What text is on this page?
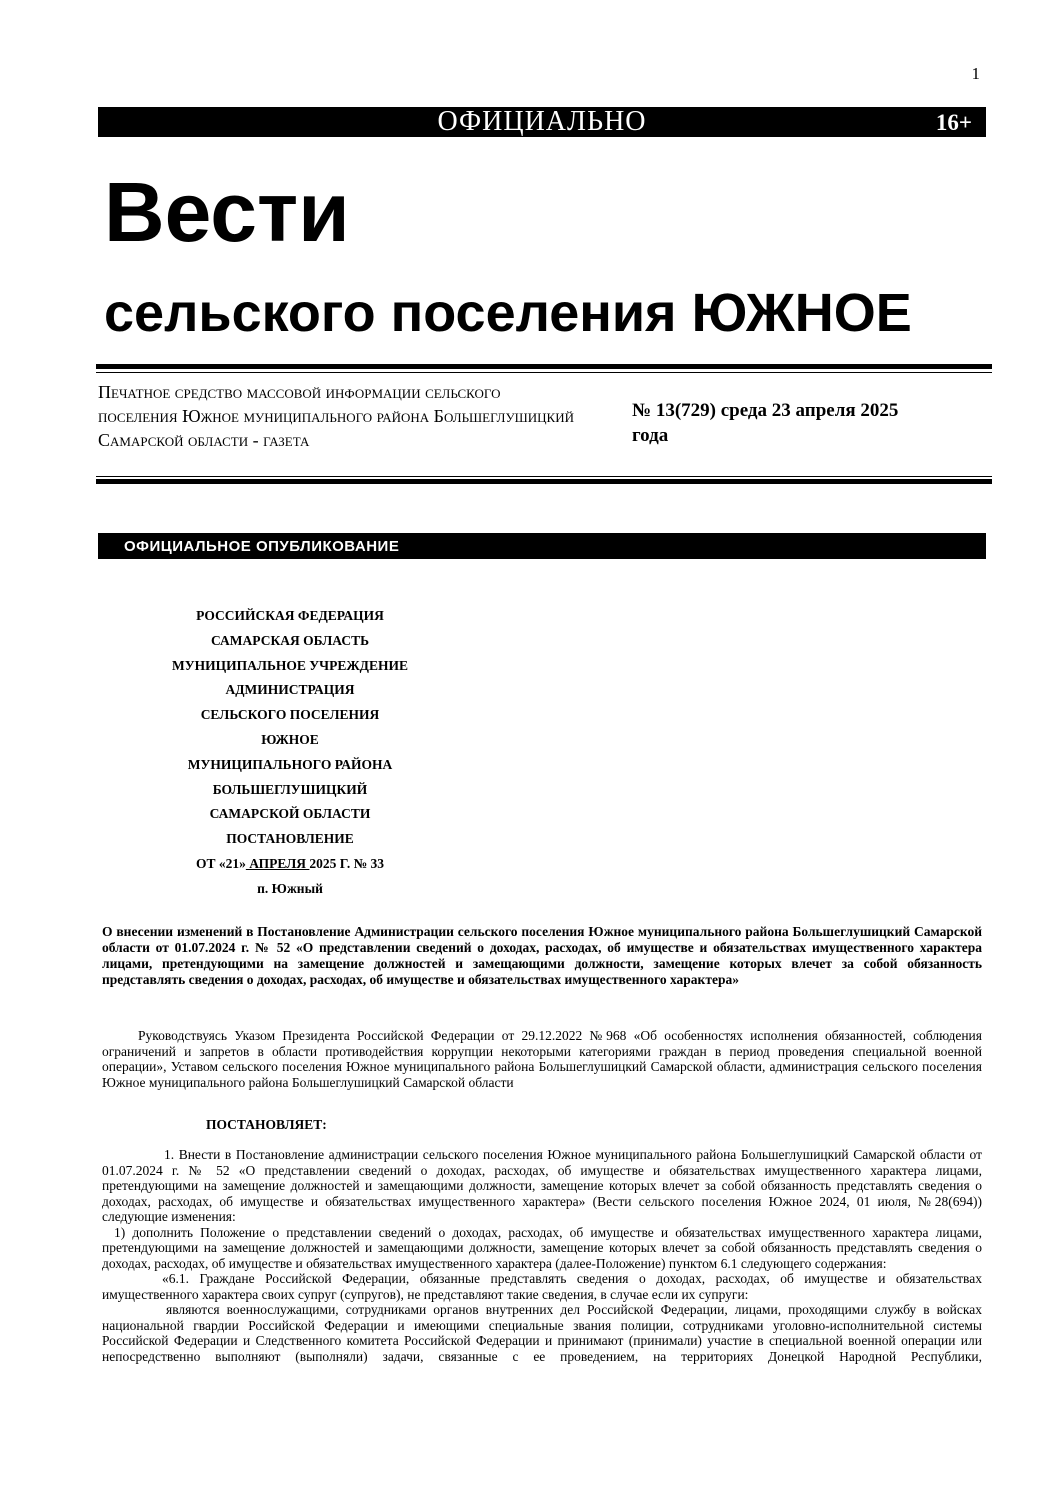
1
ОФИЦИАЛЬНО	16+
Вести
сельского поселения ЮЖНОЕ
Печатное средство массовой информации сельского поселения Южное муниципального района Большеглушицкий Самарской области - газета
№ 13(729) среда 23 апреля 2025 года
ОФИЦИАЛЬНОЕ ОПУБЛИКОВАНИЕ
РОССИЙСКАЯ ФЕДЕРАЦИЯ
САМАРСКАЯ ОБЛАСТЬ
МУНИЦИПАЛЬНОЕ УЧРЕЖДЕНИЕ
АДМИНИСТРАЦИЯ
СЕЛЬСКОГО ПОСЕЛЕНИЯ
ЮЖНОЕ
МУНИЦИПАЛЬНОГО РАЙОНА
БОЛЬШЕГЛУШИЦКИЙ
САМАРСКОЙ ОБЛАСТИ
ПОСТАНОВЛЕНИЕ
ОТ «21» АПРЕЛЯ 2025 Г. № 33
п. Южный
О внесении изменений в Постановление Администрации сельского поселения Южное муниципального района Большеглушицкий Самарской области от 01.07.2024 г. № 52 «О представлении сведений о доходах, расходах, об имуществе и обязательствах имущественного характера лицами, претендующими на замещение должностей и замещающими должности, замещение которых влечет за собой обязанность представлять сведения о доходах, расходах, об имуществе и обязательствах имущественного характера»
Руководствуясь Указом Президента Российской Федерации от 29.12.2022 №968 «Об особенностях исполнения обязанностей, соблюдения ограничений и запретов в области противодействия коррупции некоторыми категориями граждан в период проведения специальной военной операции», Уставом сельского поселения Южное муниципального района Большеглушицкий Самарской области, администрация сельского поселения Южное муниципального района Большеглушицкий Самарской области
ПОСТАНОВЛЯЕТ:

1. Внести в Постановление администрации сельского поселения Южное муниципального района Большеглушицкий Самарской области от 01.07.2024 г. № 52 «О представлении сведений о доходах, расходах, об имуществе и обязательствах имущественного характера лицами, претендующими на замещение должностей и замещающими должности, замещение которых влечет за собой обязанность представлять сведения о доходах, расходах, об имуществе и обязательствах имущественного характера» (Вести сельского поселения Южное 2024, 01 июля, №28(694)) следующие изменения:

1) дополнить Положение о представлении сведений о доходах, расходах, об имуществе и обязательствах имущественного характера лицами, претендующими на замещение должностей и замещающими должности, замещение которых влечет за собой обязанность представлять сведения о доходах, расходах, об имуществе и обязательствах имущественного характера (далее-Положение) пунктом 6.1 следующего содержания:

«6.1. Граждане Российской Федерации, обязанные представлять сведения о доходах, расходах, об имуществе и обязательствах имущественного характера своих супруг (супругов), не представляют такие сведения, в случае если их супруги:

являются военнослужащими, сотрудниками органов внутренних дел Российской Федерации, лицами, проходящими службу в войсках национальной гвардии Российской Федерации и имеющими специальные звания полиции, сотрудниками уголовно-исполнительной системы Российской Федерации и Следственного комитета Российской Федерации и принимают (принимали) участие в специальной военной операции или непосредственно выполняют (выполняли) задачи, связанные с ее проведением, на территориях Донецкой Народной Республики,
